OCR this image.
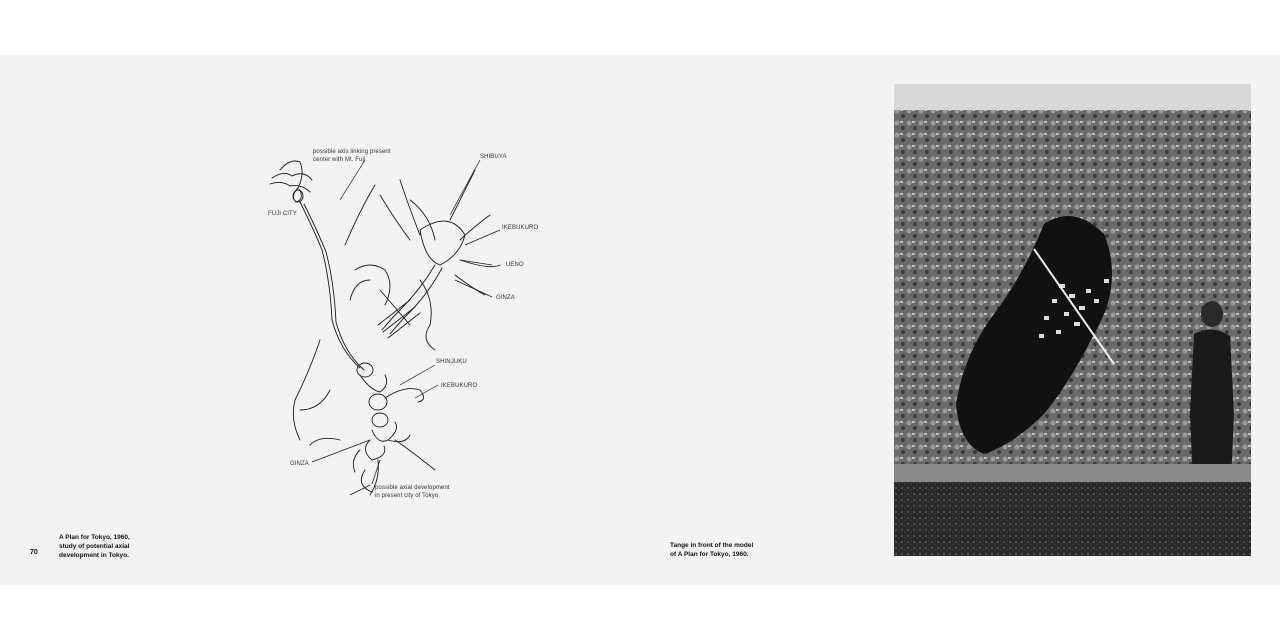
70
A Plan for Tokyo, 1960,
study of potential axial
development in Tokyo.
possible axis linking present
center with Mt. Fuji
FUJI CITY
SHIBUYA
IKEBUKURO
UENO
GINZA
SHINJUKU
IKEBUKURO
GINZA
possible axial development
in present city of Tokyo
Tange in front of the model
of A Plan for Tokyo, 1960.
